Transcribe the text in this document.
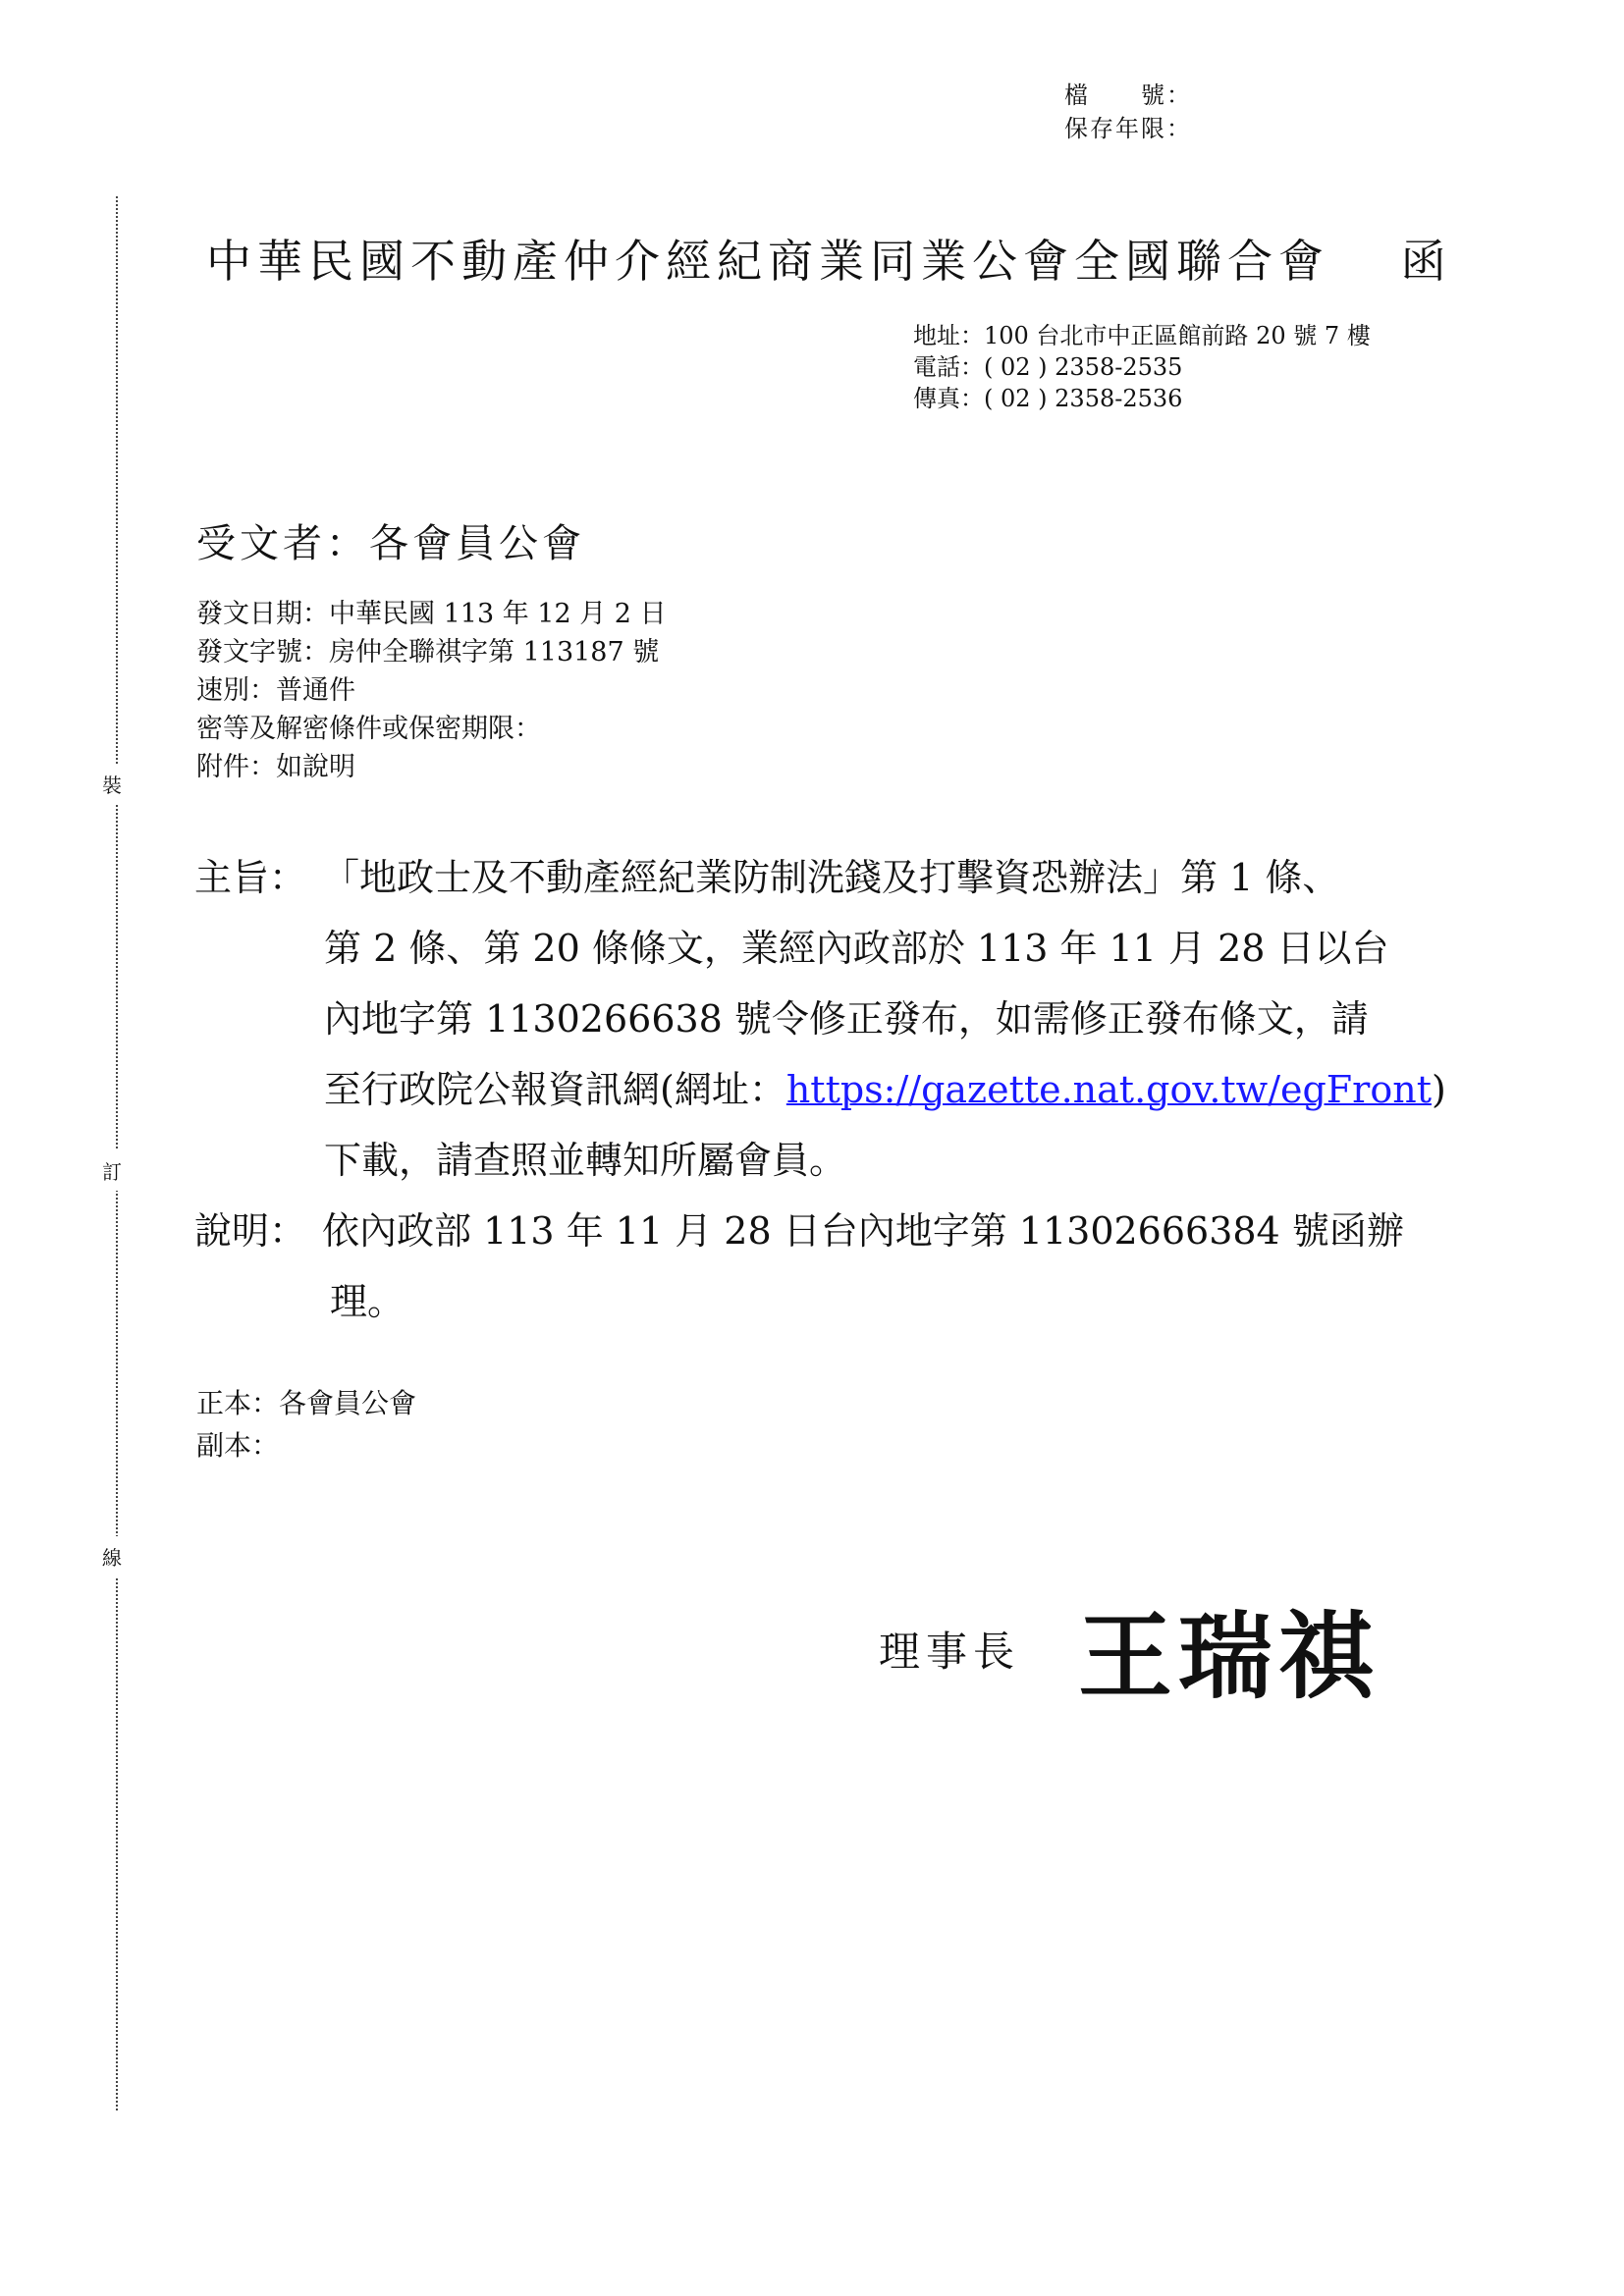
檔　　號：
保存年限：
裝
訂
線
中華民國不動產仲介經紀商業同業公會全國聯合會　 函
地址：100 台北市中正區館前路 20 號 7 樓
電話：( 02 ) 2358-2535
傳真：( 02 ) 2358-2536
受文者：各會員公會
發文日期：中華民國 113 年 12 月 2 日
發文字號：房仲全聯祺字第 113187 號
速別：普通件
密等及解密條件或保密期限：
附件：如說明
主旨： 「地政士及不動產經紀業防制洗錢及打擊資恐辦法」第 1 條、
第 2 條、第 20 條條文，業經內政部於 113 年 11 月 28 日以台
內地字第 1130266638 號令修正發布，如需修正發布條文，請
至行政院公報資訊網(網址：https://gazette.nat.gov.tw/egFront)
下載，請查照並轉知所屬會員。
說明： 依內政部 113 年 11 月 28 日台內地字第 11302666384 號函辦
理。
正本：各會員公會
副本：
理事長 王瑞祺
